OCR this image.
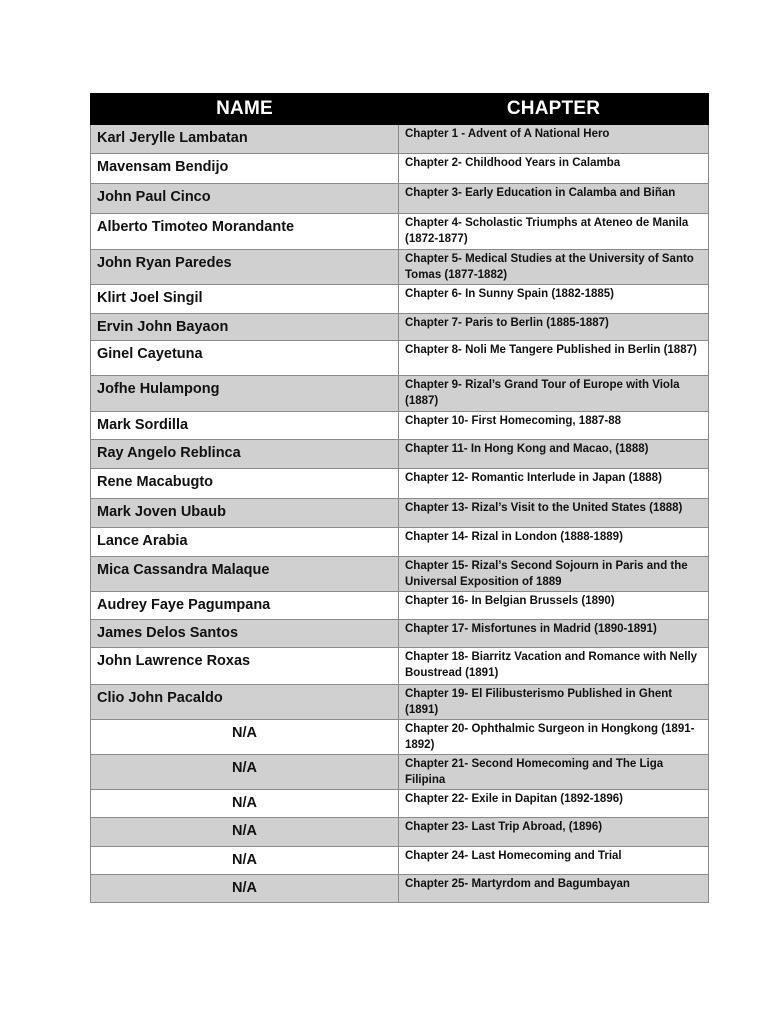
NAME	CHAPTER
Karl Jerylle Lambatan	Chapter 1 - Advent of A National Hero
Mavensam Bendijo	Chapter 2- Childhood Years in Calamba
John Paul Cinco	Chapter 3- Early Education in Calamba and Biñan
Alberto Timoteo Morandante	Chapter 4- Scholastic Triumphs at Ateneo de Manila (1872-1877)
John Ryan Paredes	Chapter 5- Medical Studies at the University of Santo Tomas (1877-1882)
Klirt Joel Singil	Chapter 6- In Sunny Spain (1882-1885)
Ervin John Bayaon	Chapter 7- Paris to Berlin (1885-1887)
Ginel Cayetuna	Chapter 8- Noli Me Tangere Published in Berlin (1887)
Jofhe Hulampong	Chapter 9- Rizal’s Grand Tour of Europe with Viola (1887)
Mark Sordilla	Chapter 10- First Homecoming, 1887-88
Ray Angelo Reblinca	Chapter 11- In Hong Kong and Macao, (1888)
Rene Macabugto	Chapter 12- Romantic Interlude in Japan (1888)
Mark Joven Ubaub	Chapter 13- Rizal’s Visit to the United States (1888)
Lance Arabia	Chapter 14- Rizal in London (1888-1889)
Mica Cassandra Malaque	Chapter 15- Rizal’s Second Sojourn in Paris and the Universal Exposition of 1889
Audrey Faye Pagumpana	Chapter 16- In Belgian Brussels (1890)
James Delos Santos	Chapter 17- Misfortunes in Madrid (1890-1891)
John Lawrence Roxas	Chapter 18- Biarritz Vacation and Romance with Nelly Boustread (1891)
Clio John Pacaldo	Chapter 19- El Filibusterismo Published in Ghent (1891)
N/A	Chapter 20- Ophthalmic Surgeon in Hongkong (1891-1892)
N/A	Chapter 21- Second Homecoming and The Liga Filipina
N/A	Chapter 22- Exile in Dapitan (1892-1896)
N/A	Chapter 23- Last Trip Abroad, (1896)
N/A	Chapter 24- Last Homecoming and Trial
N/A	Chapter 25- Martyrdom and Bagumbayan
